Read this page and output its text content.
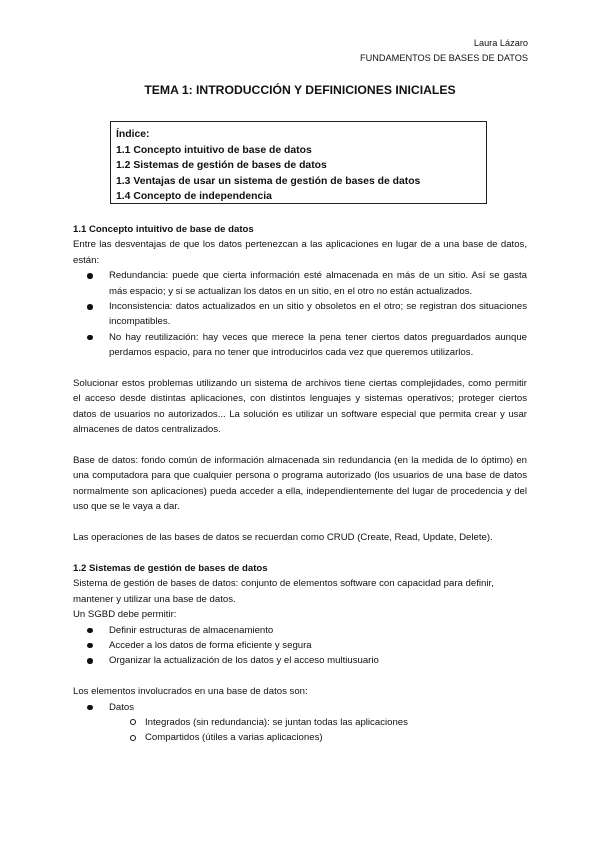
Laura Lázaro
FUNDAMENTOS DE BASES DE DATOS
TEMA 1: INTRODUCCIÓN Y DEFINICIONES INICIALES
Índice:
1.1 Concepto intuitivo de base de datos
1.2 Sistemas de gestión de bases de datos
1.3 Ventajas de usar un sistema de gestión de bases de datos
1.4 Concepto de independencia
1.1 Concepto intuitivo de base de datos
Entre las desventajas de que los datos pertenezcan a las aplicaciones en lugar de a una base de datos, están:
Redundancia: puede que cierta información esté almacenada en más de un sitio. Así se gasta más espacio; y si se actualizan los datos en un sitio, en el otro no están actualizados.
Inconsistencia: datos actualizados en un sitio y obsoletos en el otro; se registran dos situaciones incompatibles.
No hay reutilización: hay veces que merece la pena tener ciertos datos preguardados aunque perdamos espacio, para no tener que introducirlos cada vez que queremos utilizarlos.
Solucionar estos problemas utilizando un sistema de archivos tiene ciertas complejidades, como permitir el acceso desde distintas aplicaciones, con distintos lenguajes y sistemas operativos; proteger ciertos datos de usuarios no autorizados... La solución es utilizar un software especial que permita crear y usar almacenes de datos centralizados.
Base de datos: fondo común de información almacenada sin redundancia (en la medida de lo óptimo) en una computadora para que cualquier persona o programa autorizado (los usuarios de una base de datos normalmente son aplicaciones) pueda acceder a ella, independientemente del lugar de procedencia y del uso que se le vaya a dar.
Las operaciones de las bases de datos se recuerdan como CRUD (Create, Read, Update, Delete).
1.2 Sistemas de gestión de bases de datos
Sistema de gestión de bases de datos: conjunto de elementos software con capacidad para definir, mantener y utilizar una base de datos.
Un SGBD debe permitir:
Definir estructuras de almacenamiento
Acceder a los datos de forma eficiente y segura
Organizar la actualización de los datos y el acceso multiusuario
Los elementos involucrados en una base de datos son:
Datos
Integrados (sin redundancia): se juntan todas las aplicaciones
Compartidos (útiles a varias aplicaciones)
